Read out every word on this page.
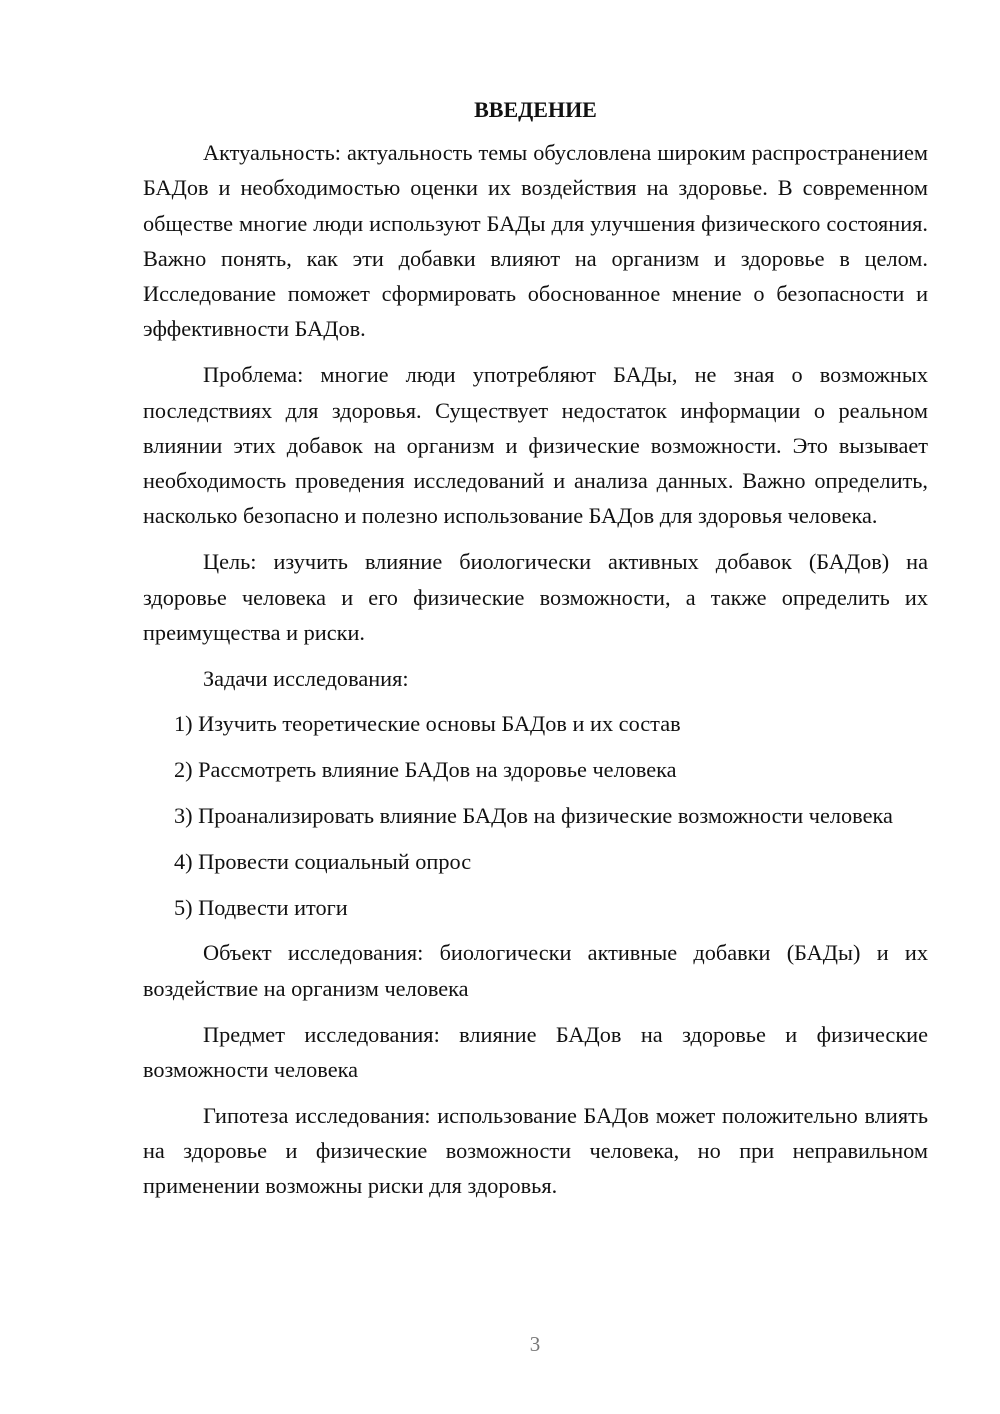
ВВЕДЕНИЕ

Актуальность: актуальность темы обусловлена широким распространением БАДов и необходимостью оценки их воздействия на здоровье. В современном обществе многие люди используют БАДы для улучшения физического состояния. Важно понять, как эти добавки влияют на организм и здоровье в целом. Исследование поможет сформировать обоснованное мнение о безопасности и эффективности БАДов.

Проблема: многие люди употребляют БАДы, не зная о возможных последствиях для здоровья. Существует недостаток информации о реальном влиянии этих добавок на организм и физические возможности. Это вызывает необходимость проведения исследований и анализа данных. Важно определить, насколько безопасно и полезно использование БАДов для здоровья человека.

Цель: изучить влияние биологически активных добавок (БАДов) на здоровье человека и его физические возможности, а также определить их преимущества и риски.

Задачи исследования:

1) Изучить теоретические основы БАДов и их состав

2) Рассмотреть влияние БАДов на здоровье человека

3) Проанализировать влияние БАДов на физические возможности человека

4) Провести социальный опрос

5) Подвести итоги

Объект исследования: биологически активные добавки (БАДы) и их воздействие на организм человека

Предмет исследования: влияние БАДов на здоровье и физические возможности человека

Гипотеза исследования: использование БАДов может положительно влиять на здоровье и физические возможности человека, но при неправильном применении возможны риски для здоровья.

3
